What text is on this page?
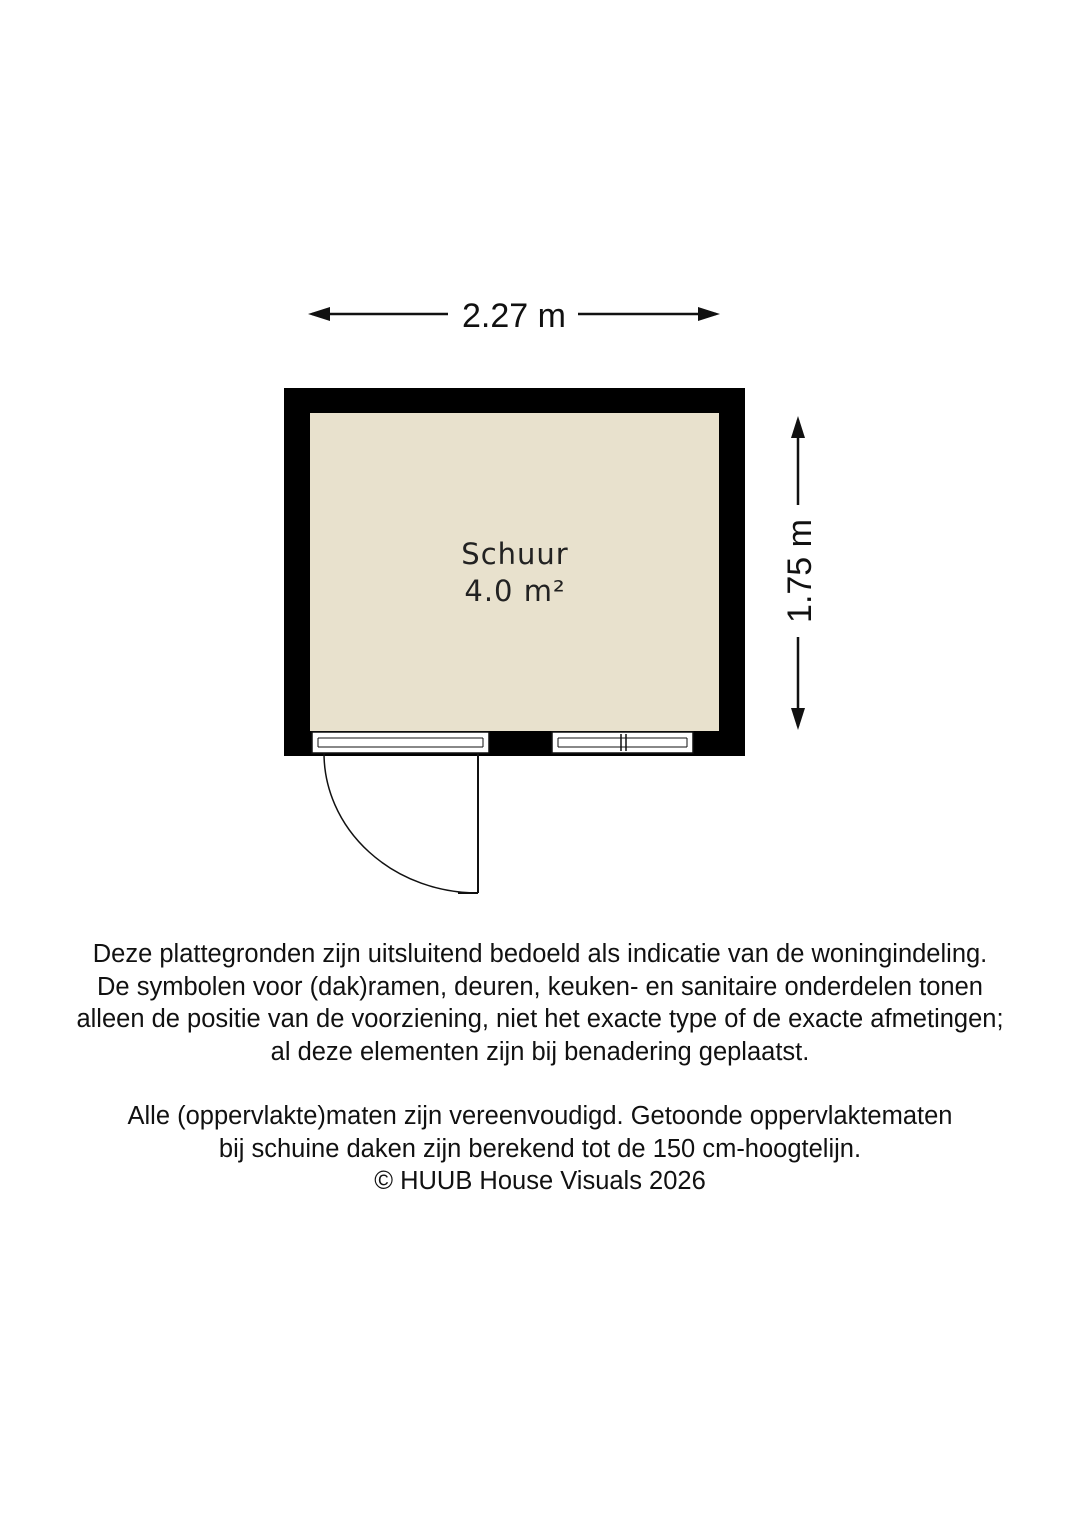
2.27 m
1.75 m
Schuur
4.0 m²

Deze plattegronden zijn uitsluitend bedoeld als indicatie van de woningindeling.

De symbolen voor (dak)ramen, deuren, keuken- en sanitaire onderdelen tonen

alleen de positie van de voorziening, niet het exacte type of de exacte afmetingen;

al deze elementen zijn bij benadering geplaatst.

Alle (oppervlakte)maten zijn vereenvoudigd. Getoonde oppervlaktematen

bij schuine daken zijn berekend tot de 150 cm-hoogtelijn.

© HUUB House Visuals 2026
